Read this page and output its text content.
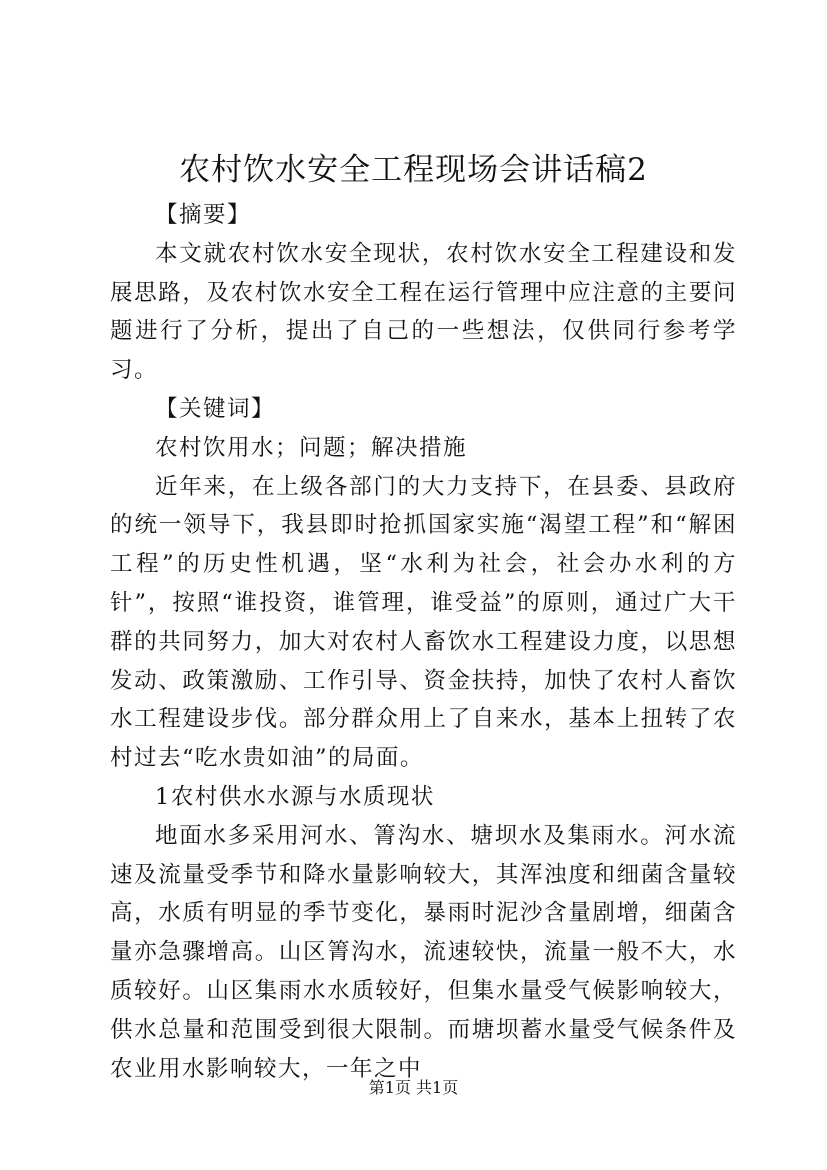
农村饮水安全工程现场会讲话稿2

【摘要】

本文就农村饮水安全现状，农村饮水安全工程建设和发展思路，及农村饮水安全工程在运行管理中应注意的主要问题进行了分析，提出了自己的一些想法，仅供同行参考学习。

【关键词】

农村饮用水；问题；解决措施

近年来，在上级各部门的大力支持下，在县委、县政府的统一领导下，我县即时抢抓国家实施“渴望工程”和“解困工程”的历史性机遇，坚“水利为社会，社会办水利的方针”，按照“谁投资，谁管理，谁受益”的原则，通过广大干群的共同努力，加大对农村人畜饮水工程建设力度，以思想发动、政策激励、工作引导、资金扶持，加快了农村人畜饮水工程建设步伐。部分群众用上了自来水，基本上扭转了农村过去“吃水贵如油”的局面。

1农村供水水源与水质现状

地面水多采用河水、箐沟水、塘坝水及集雨水。河水流速及流量受季节和降水量影响较大，其浑浊度和细菌含量较高，水质有明显的季节变化，暴雨时泥沙含量剧增，细菌含量亦急骤增高。山区箐沟水，流速较快，流量一般不大，水质较好。山区集雨水水质较好，但集水量受气候影响较大，供水总量和范围受到很大限制。而塘坝蓄水量受气候条件及农业用水影响较大，一年之中

第1页 共1页
